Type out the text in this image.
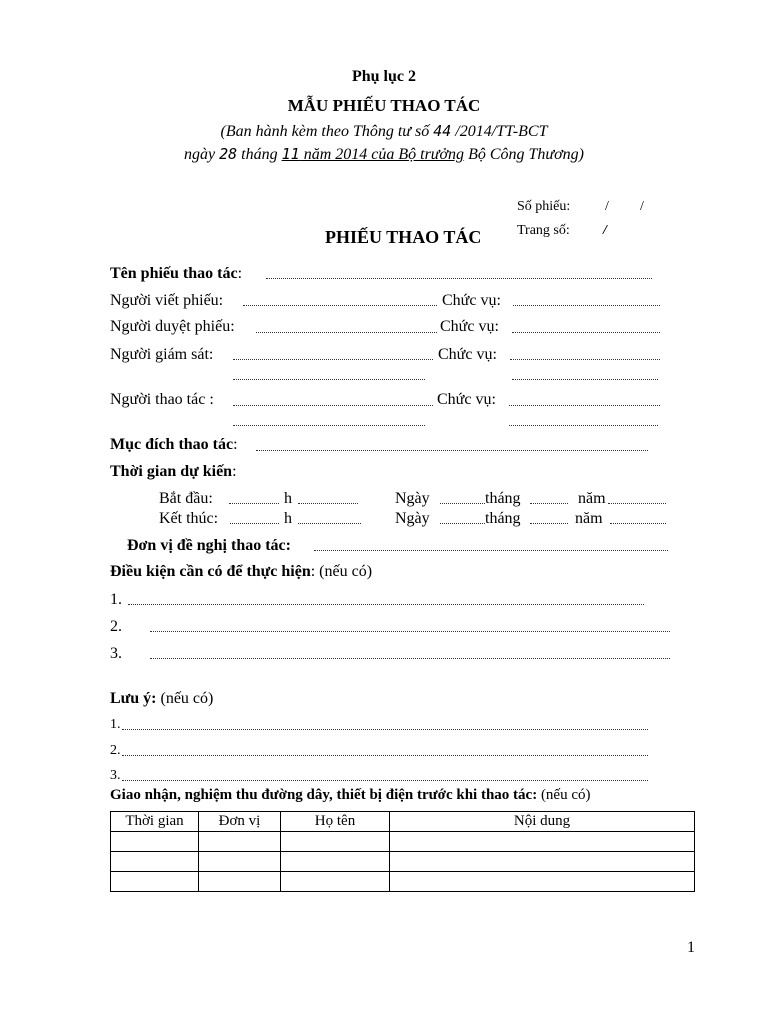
Phụ lục 2
MẪU PHIẾU THAO TÁC
(Ban hành kèm theo Thông tư số 44 /2014/TT-BCT
ngày 28 tháng 11 năm 2014 của Bộ trưởng Bộ Công Thương)
Số phiếu: / /
Trang số: /
PHIẾU THAO TÁC
Tên phiếu thao tác:
Người viết phiếu:	Chức vụ:
Người duyệt phiếu:	Chức vụ:
Người giám sát:	Chức vụ:
Người thao tác :	Chức vụ:
Mục đích thao tác:
Thời gian dự kiến:
Bắt đầu:	h	Ngày	tháng	năm
Kết thúc:	h	Ngày	tháng	năm
Đơn vị đề nghị thao tác:
Điều kiện cần có để thực hiện: (nếu có)
1.
2.
3.
Lưu ý: (nếu có)
1.
2.
3.
Giao nhận, nghiệm thu đường dây, thiết bị điện trước khi thao tác: (nếu có)
Thời gian	Đơn vị	Họ tên	Nội dung

1
